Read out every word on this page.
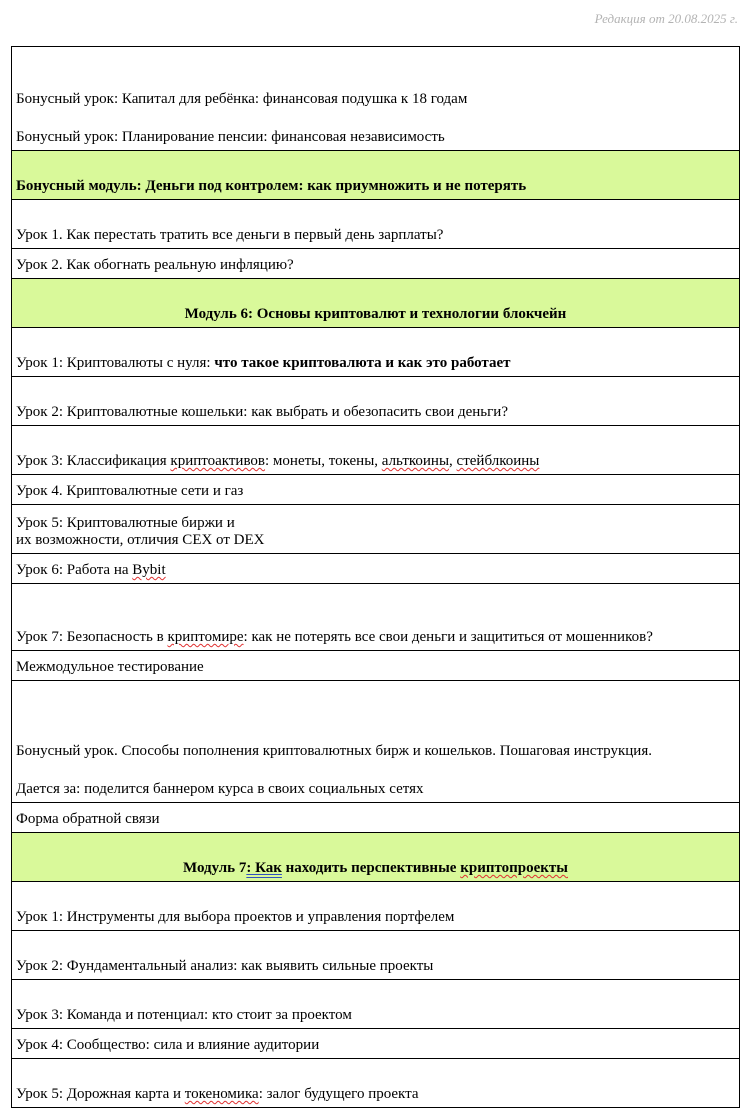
Редакция от 20.08.2025 г.
Бонусный урок: Капитал для ребёнка: финансовая подушка к 18 годам
Бонусный урок: Планирование пенсии: финансовая независимость
Бонусный модуль: Деньги под контролем: как приумножить и не потерять
Урок 1. Как перестать тратить все деньги в первый день зарплаты?
Урок 2. Как обогнать реальную инфляцию?
Модуль 6: Основы криптовалют и технологии блокчейн
Урок 1: Криптовалюты с нуля: что такое криптовалюта и как это работает
Урок 2: Криптовалютные кошельки: как выбрать и обезопасить свои деньги?
Урок 3: Классификация криптоактивов: монеты, токены, альткоины, стейблкоины
Урок 4. Криптовалютные сети и газ
Урок 5: Криптовалютные биржи и
их возможности, отличия CEX от DEX
Урок 6: Работа на Bybit
Урок 7: Безопасность в криптомире: как не потерять все свои деньги и защититься от мошенников?
Межмодульное тестирование
Бонусный урок. Способы пополнения криптовалютных бирж и кошельков. Пошаговая инструкция.
Дается за: поделится баннером курса в своих социальных сетях
Форма обратной связи
Модуль 7: Как находить перспективные криптопроекты
Урок 1: Инструменты для выбора проектов и управления портфелем
Урок 2: Фундаментальный анализ: как выявить сильные проекты
Урок 3: Команда и потенциал: кто стоит за проектом
Урок 4: Сообщество: сила и влияние аудитории
Урок 5: Дорожная карта и токеномика: залог будущего проекта
